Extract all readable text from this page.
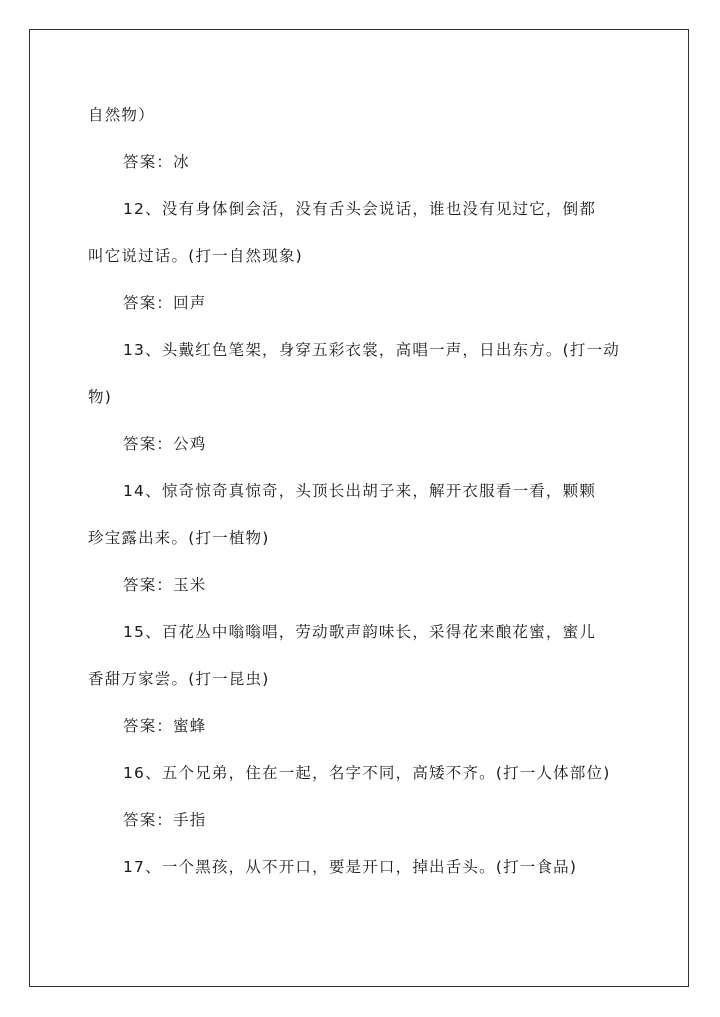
自然物）
答案：冰
12、没有身体倒会活，没有舌头会说话，谁也没有见过它，倒都
叫它说过话。(打一自然现象)
答案：回声
13、头戴红色笔架，身穿五彩衣裳，高唱一声，日出东方。(打一动
物)
答案：公鸡
14、惊奇惊奇真惊奇，头顶长出胡子来，解开衣服看一看，颗颗
珍宝露出来。(打一植物)
答案：玉米
15、百花丛中嗡嗡唱，劳动歌声韵味长，采得花来酿花蜜，蜜儿
香甜万家尝。(打一昆虫)
答案：蜜蜂
16、五个兄弟，住在一起，名字不同，高矮不齐。(打一人体部位)
答案：手指
17、一个黑孩，从不开口，要是开口，掉出舌头。(打一食品)
